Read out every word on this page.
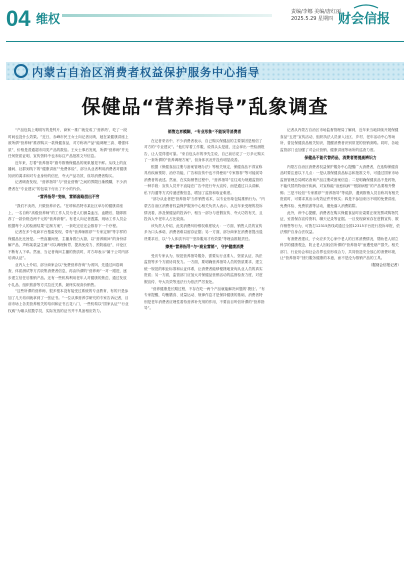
04 维权	责编/李娜 美编/唐红丽
2025.5.29 星期四 财会信报
内蒙古自治区消费者权益保护服务中心指导
保健品“营养指导”乱象调查

“产品包装上明明写的是钙片，商家一推广就变成了‘营养药’，吃了一段时间也没什么效果。”近日，赤峰市民王女士向记者反映，她在某健康讲座上被所谓“营养师”推荐购买一款保健食品，对方称该产品“能调理三高、增强体质”，价格是普通超市同类产品的数倍。王女士事后发现，所谓“营养师”并无任何资质证明，宣传资料中也未标注产品批准文号信息。

近年来，打着“营养指导”旗号推销保健品的现象屡见不鲜。从线上的直播间、社群到线下的“健康讲座”“免费体检”，部分从业者利用消费者对健康知识的渴求和对专业身份的信任，夸大产品功效，误导消费者购买。

记者调查发现，“营养指导”与“营业营销”之间的界限日渐模糊，不少消费者在“专业建议”的包装下付出了不小的代价。

“营养指导”变味，营销套路层出不穷

“我们不卖药，只做营养评估。”在呼和浩特市某社区举办的健康讲座上，一名自称“高级营养师”的工作人员为老人们测量血压、血糖后，随即推荐了一款价格近两千元的“营养套餐”。有老人向记者透露，现场工作人员会根据每个人的检测结果“定制方案”，一套吃完后还会推荐下一个疗程。

记者在多个电商平台搜索发现，带有“营养师推荐”“专家定制”等字样的保健品比比皆是。一些直播间里，主播身着白大褂，以“营养顾问”的身份讲解产品，声称某款益生菌“可以调理肠胃、提高免疫力、预防癌症”，评论区不断有人下单。然而，当记者询问主播的资质时，对方却表示“属于公司内部培训认证”。

业内人士介绍，部分商家会以“免费营养咨询”为诱饵，先通过问卷调查、体质测试等方式收集消费者信息，再由所谓的“营养师”一对一跟进，逐步建立信任后推销产品。还有一些机构利用老年人对健康的焦虑，通过发放小礼品、组织旅游等方式拉近关系，最终实现高价销售。

“这些所谓的营养师，很多根本没有接受过系统的专业教育，有的只是参加了几天培训就拿到了一张证书。”一位从事营养学研究的专家告诉记者，目前市场上各类营养相关的培训和证书五花八门，一些机构以“国家认证”“行业权威”为噱头招揽学员，实际发放的证书并不具备相应效力。

销售边界模糊，“专业形象”不能误导消费者

在记者采访中，不少消费者表示，自己购买保健品的主要原因是相信了对方的“专业建议”。“他们穿着工作服，说得头头是道，还会拿出一些检测报告，让人觉得很可靠。”来自包头市的李先生说，自己前后花了一万多元购买了一套所谓的“营养调理方案”，但身体状况并没有明显改善。

根据《保健食品注册与备案管理办法》等相关规定，保健食品不得宣称具有疾病预防、治疗功能，广告和宣传中也不得使用“专家推荐”等可能误导消费者的表述。然而，在实际销售过程中，“营养指导”往往成为规避监管的一种手段：宣传人员并不直接在广告中进行夸大宣传，而是通过口头讲解、私下沟通等方式传递虚假信息，增加了监管和取证难度。

“部分从业者把‘营养指导’当作销售话术，以专业形象包装推销行为。”内蒙古自治区消费者权益保护服务中心相关负责人表示，从近年来受理的投诉情况看，涉及保健品的投诉中，相当一部分与虚假宣传、夸大功效有关，且投诉人中老年人占比较高。

该负责人介绍，此类消费纠纷维权难度较大：一方面，销售人员的宣传多为口头承诺，消费者难以留存证据；另一方面，部分商家在消费者提出退货要求后，以“个人体质不同”“坚持服用才有效果”等理由推脱责任。

擦亮“营养指导”与“商业营销”，守护健康消费

受访专家认为，规范营养指导服务，需要从行业准入、资质认证、执法监管等多个方面协同发力。一方面，要明确营养指导人员的资质要求，建立统一规范的职业标准和认证体系，让消费者能够便捷地查询从业人员的真实资质；另一方面，监管部门应加大对保健品营销活动的监督检查力度，对虚假宣传、夸大功效等违法行为依法严厉查处。

“营养健康是长期过程，不存在吃一两个产品就能解决问题的‘捷径’。”有专家提醒，均衡膳食、适量运动、规律作息才是保持健康的基础，消费者特别是老年消费者应理性看待营养补充剂的作用，不要盲目听信所谓的“营养指导”。

记者从内蒙古自治区市场监督管理局了解到，近年来当地持续开展保健食品“五进”宣传活动，组织执法人员深入社区、乡村、老年活动中心等场所，普及保健食品相关知识，提醒消费者识别常见的营销套路。同时，各地监管部门也加强了对会议营销、健康讲座等场所的巡查力度。

保健品不能代替药品，消费者要提高辨识力

内蒙古自治区消费者权益保护服务中心提醒广大消费者，在选购保健食品时要注意以下几点：一是认准保健食品标志和批准文号，可通过国家市场监督管理总局网站查询产品注册或备案信息；二是明确保健食品不是药物，不能代替药物治疗疾病，对宣称能“治愈疾病”“根除病根”的产品要格外警惕；三是不轻信“专家推荐”“营养指导”等说辞，遇到推销人员自称具有相关资质时，可要求其出示有效证件并核实；四是不参加来历不明的免费讲座、免费体检、免费旅游等活动，避免落入消费陷阱。

此外，该中心提醒，消费者在购买保健食品时应索要正规发票或购物凭证，妥善保存宣传资料、聊天记录等证据。一旦发现商家存在虚假宣传、欺诈销售等行为，可拨打12315热线或通过全国12315平台进行投诉举报，依法维护自身合法权益。

有消费者建议，子女应多关心家中老人的日常消费情况，帮助老人树立科学的健康观念，防止老人因轻信所谓的“营养指导”而遭受财产损失。相关部门、行业协会和社会各界也应形成合力，共同营造安全放心的消费环境，让“营养指导”回归服务健康的本意，而不是沦为推销产品的工具。

（据财会信报记者）
